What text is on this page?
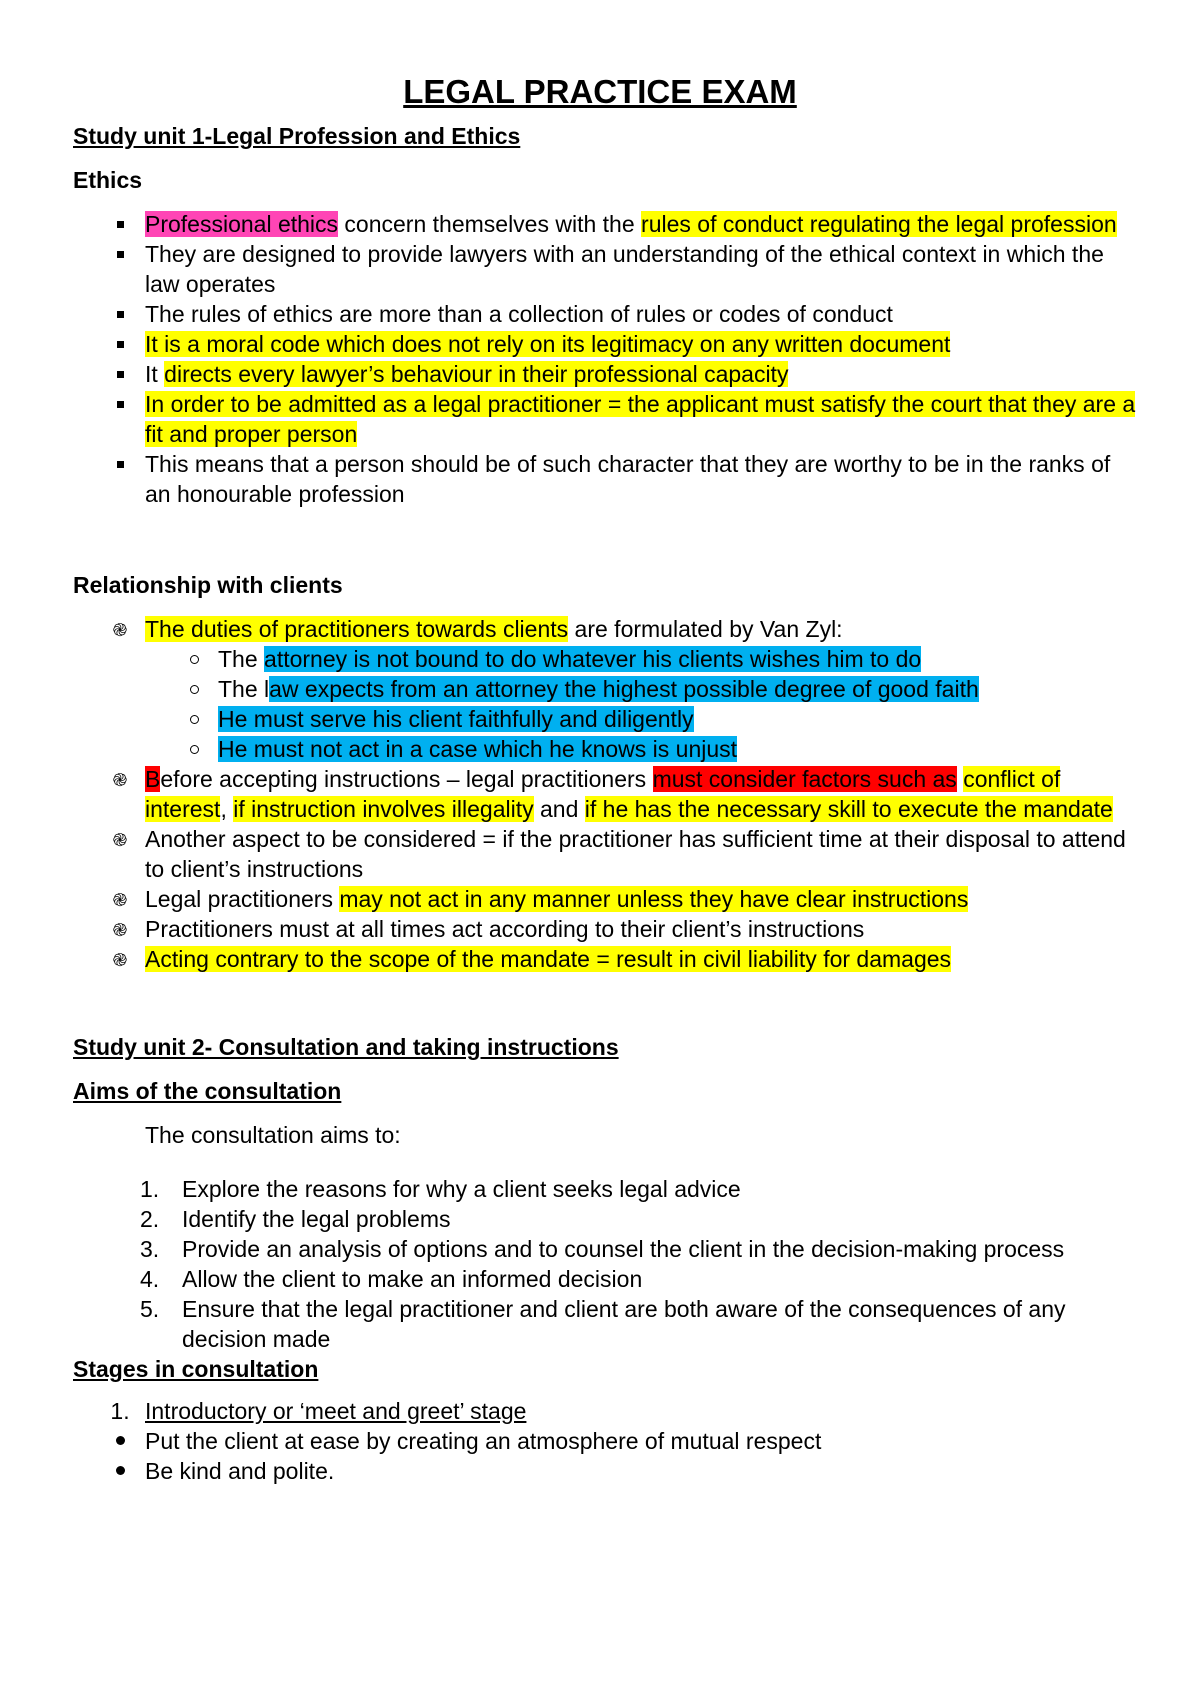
LEGAL PRACTICE EXAM
Study unit 1-Legal Profession and Ethics
Ethics
Professional ethics concern themselves with the rules of conduct regulating the legal profession
They are designed to provide lawyers with an understanding of the ethical context in which the law operates
The rules of ethics are more than a collection of rules or codes of conduct
It is a moral code which does not rely on its legitimacy on any written document
It directs every lawyer’s behaviour in their professional capacity
In order to be admitted as a legal practitioner = the applicant must satisfy the court that they are a fit and proper person
This means that a person should be of such character that they are worthy to be in the ranks of an honourable profession
Relationship with clients
֎ The duties of practitioners towards clients are formulated by Van Zyl:
The attorney is not bound to do whatever his clients wishes him to do
The law expects from an attorney the highest possible degree of good faith
He must serve his client faithfully and diligently
He must not act in a case which he knows is unjust
֎ Before accepting instructions – legal practitioners must consider factors such as conflict of interest, if instruction involves illegality and if he has the necessary skill to execute the mandate
֎ Another aspect to be considered = if the practitioner has sufficient time at their disposal to attend to client’s instructions
֎ Legal practitioners may not act in any manner unless they have clear instructions
֎ Practitioners must at all times act according to their client’s instructions
֎ Acting contrary to the scope of the mandate = result in civil liability for damages
Study unit 2- Consultation and taking instructions
Aims of the consultation
The consultation aims to:
1. Explore the reasons for why a client seeks legal advice
2. Identify the legal problems
3. Provide an analysis of options and to counsel the client in the decision-making process
4. Allow the client to make an informed decision
5. Ensure that the legal practitioner and client are both aware of the consequences of any decision made
Stages in consultation
1. Introductory or ‘meet and greet’ stage
Put the client at ease by creating an atmosphere of mutual respect
Be kind and polite.
